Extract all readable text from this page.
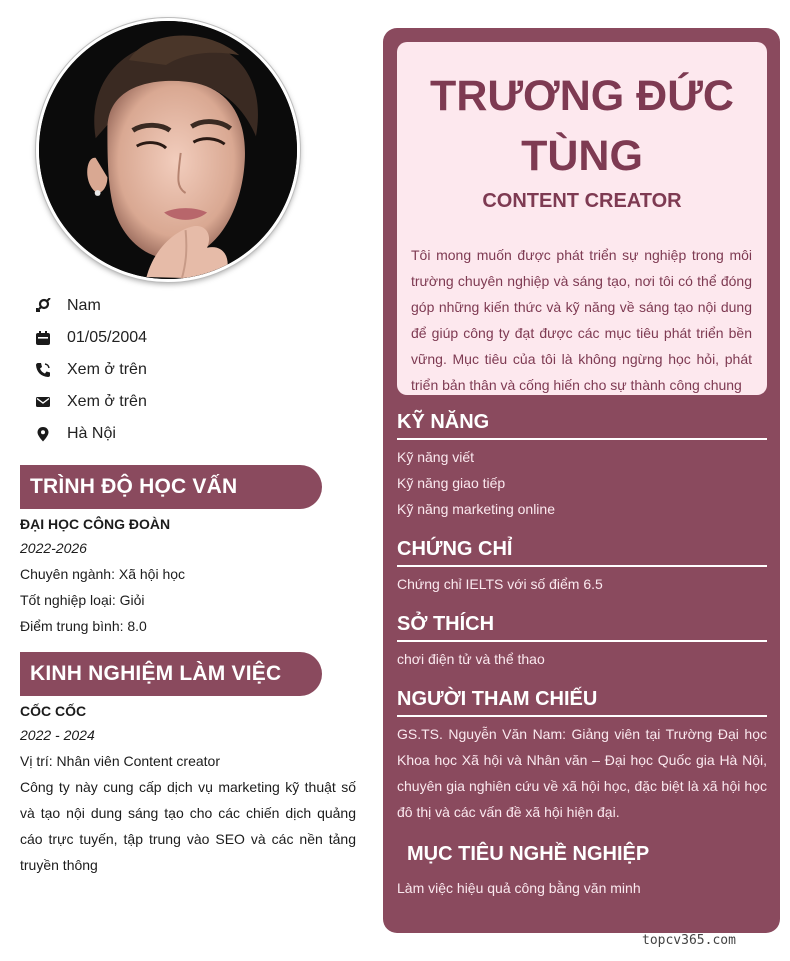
Nam
01/05/2004
Xem ở trên
Xem ở trên
Hà Nội
TRÌNH ĐỘ HỌC VẤN
ĐẠI HỌC CÔNG ĐOÀN
2022-2026
Chuyên ngành: Xã hội học
Tốt nghiệp loại: Giỏi
Điểm trung bình: 8.0
KINH NGHIỆM LÀM VIỆC
CỐC CỐC
2022 - 2024
Vị trí: Nhân viên Content creator
Công ty này cung cấp dịch vụ marketing kỹ thuật số và tạo nội dung sáng tạo cho các chiến dịch quảng cáo trực tuyến, tập trung vào SEO và các nền tảng truyền thông
TRƯƠNG ĐỨC TÙNG
CONTENT CREATOR
Tôi mong muốn được phát triển sự nghiệp trong môi trường chuyên nghiệp và sáng tạo, nơi tôi có thể đóng góp những kiến thức và kỹ năng về sáng tạo nội dung để giúp công ty đạt được các mục tiêu phát triển bền vững. Mục tiêu của tôi là không ngừng học hỏi, phát triển bản thân và cống hiến cho sự thành công chung
KỸ NĂNG
Kỹ năng viết
Kỹ năng giao tiếp
Kỹ năng marketing online
CHỨNG CHỈ
Chứng chỉ IELTS với số điểm 6.5
SỞ THÍCH
chơi điện tử và thể thao
NGƯỜI THAM CHIẾU
GS.TS. Nguyễn Văn Nam: Giảng viên tại Trường Đại học Khoa học Xã hội và Nhân văn – Đại học Quốc gia Hà Nội, chuyên gia nghiên cứu về xã hội học, đặc biệt là xã hội học đô thị và các vấn đề xã hội hiện đại.
MỤC TIÊU NGHỀ NGHIỆP
Làm việc hiệu quả công bằng văn minh
topcv365.com
